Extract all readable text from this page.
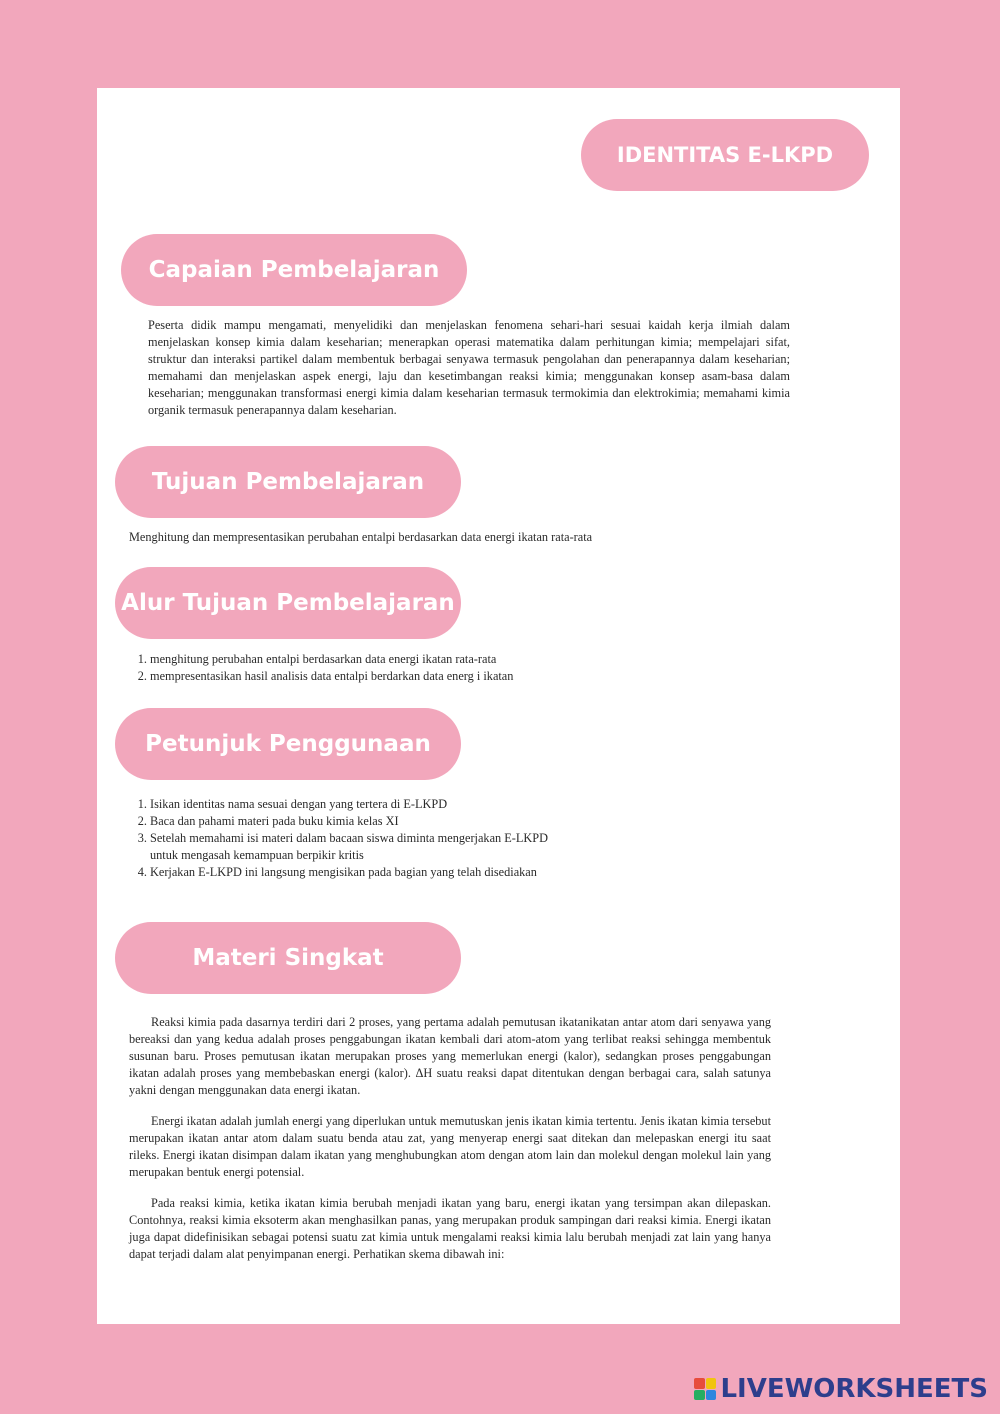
IDENTITAS E-LKPD
Capaian Pembelajaran
Peserta didik mampu mengamati, menyelidiki dan menjelaskan fenomena sehari-hari sesuai kaidah kerja ilmiah dalam menjelaskan konsep kimia dalam keseharian; menerapkan operasi matematika dalam perhitungan kimia; mempelajari sifat, struktur dan interaksi partikel dalam membentuk berbagai senyawa termasuk pengolahan dan penerapannya dalam keseharian; memahami dan menjelaskan aspek energi, laju dan kesetimbangan reaksi kimia; menggunakan konsep asam-basa dalam keseharian; menggunakan transformasi energi kimia dalam keseharian termasuk termokimia dan elektrokimia; memahami kimia organik termasuk penerapannya dalam keseharian.
Tujuan Pembelajaran
Menghitung dan mempresentasikan perubahan entalpi berdasarkan data energi ikatan rata-rata
Alur Tujuan Pembelajaran
1. menghitung perubahan entalpi berdasarkan data energi ikatan rata-rata
2. mempresentasikan hasil analisis data entalpi berdarkan data energ i ikatan
Petunjuk Penggunaan
1. Isikan identitas nama sesuai dengan yang tertera di E-LKPD
2. Baca dan pahami materi pada buku kimia kelas XI
3. Setelah memahami isi materi dalam bacaan siswa diminta mengerjakan E-LKPD untuk mengasah kemampuan berpikir kritis
4. Kerjakan E-LKPD ini langsung mengisikan pada bagian yang telah disediakan
Materi Singkat

Reaksi kimia pada dasarnya terdiri dari 2 proses, yang pertama adalah pemutusan ikatanikatan antar atom dari senyawa yang bereaksi dan yang kedua adalah proses penggabungan ikatan kembali dari atom-atom yang terlibat reaksi sehingga membentuk susunan baru. Proses pemutusan ikatan merupakan proses yang memerlukan energi (kalor), sedangkan proses penggabungan ikatan adalah proses yang membebaskan energi (kalor). ΔH suatu reaksi dapat ditentukan dengan berbagai cara, salah satunya yakni dengan menggunakan data energi ikatan.

Energi ikatan adalah jumlah energi yang diperlukan untuk memutuskan jenis ikatan kimia tertentu. Jenis ikatan kimia tersebut merupakan ikatan antar atom dalam suatu benda atau zat, yang menyerap energi saat ditekan dan melepaskan energi itu saat rileks. Energi ikatan disimpan dalam ikatan yang menghubungkan atom dengan atom lain dan molekul dengan molekul lain yang merupakan bentuk energi potensial.

Pada reaksi kimia, ketika ikatan kimia berubah menjadi ikatan yang baru, energi ikatan yang tersimpan akan dilepaskan. Contohnya, reaksi kimia eksoterm akan menghasilkan panas, yang merupakan produk sampingan dari reaksi kimia. Energi ikatan juga dapat didefinisikan sebagai potensi suatu zat kimia untuk mengalami reaksi kimia lalu berubah menjadi zat lain yang hanya dapat terjadi dalam alat penyimpanan energi. Perhatikan skema dibawah ini:

LIVEWORKSHEETS
